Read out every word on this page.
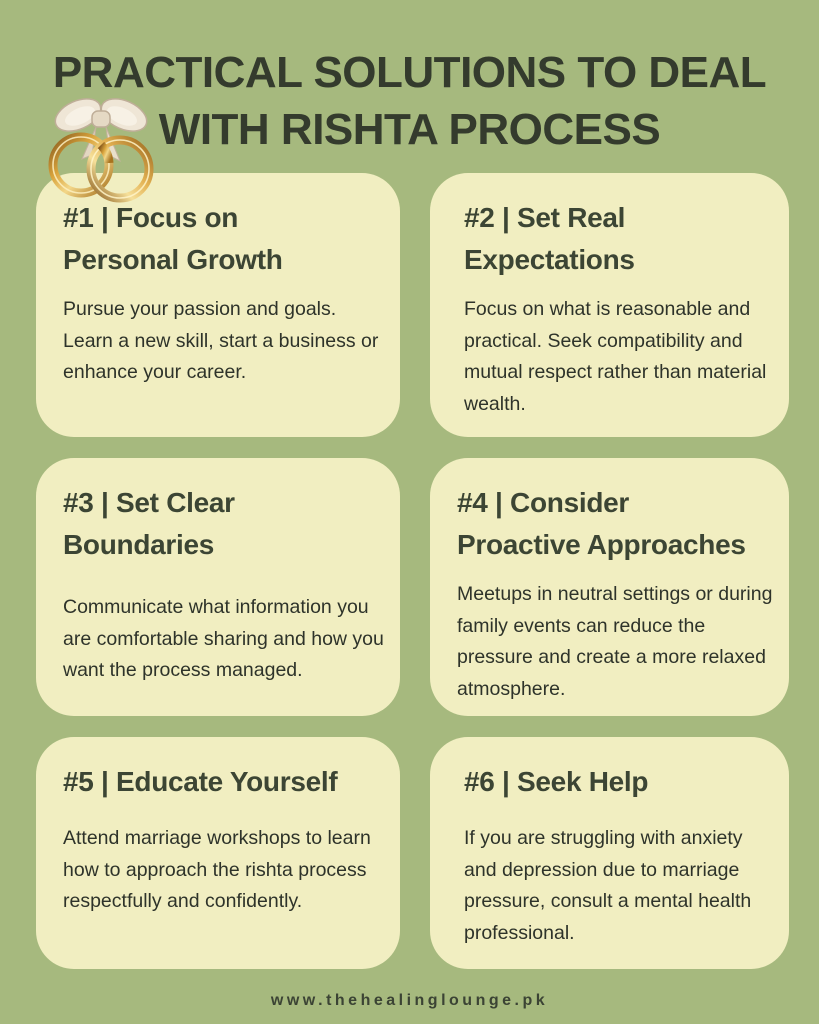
PRACTICAL SOLUTIONS TO DEAL
WITH RISHTA PROCESS
#1 | Focus on
Personal Growth

Pursue your passion and goals. Learn a new skill, start a business or enhance your career.

#2 | Set Real
Expectations

Focus on what is reasonable and practical. Seek compatibility and mutual respect rather than material wealth.

#3 | Set Clear
Boundaries

Communicate what information you are comfortable sharing and how you want the process managed.

#4 | Consider
Proactive Approaches

Meetups in neutral settings or during family events can reduce the pressure and create a more relaxed atmosphere.

#5 | Educate Yourself

Attend marriage workshops to learn how to approach the rishta process respectfully and confidently.

#6 | Seek Help

If you are struggling with anxiety and depression due to marriage pressure, consult a mental health professional.

www.thehealinglounge.pk
